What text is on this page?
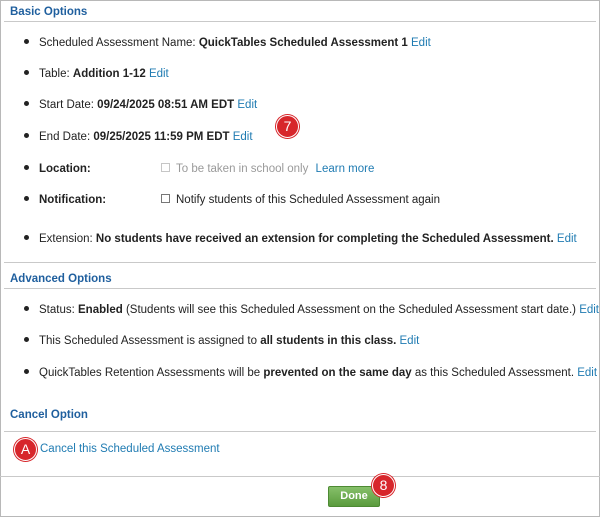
Basic Options
Scheduled Assessment Name: QuickTables Scheduled Assessment 1 Edit
Table: Addition 1-12 Edit
Start Date: 09/24/2025 08:51 AM EDT Edit
End Date: 09/25/2025 11:59 PM EDT Edit
7
Location:	To be taken in school only Learn more
Notification:	Notify students of this Scheduled Assessment again
Extension: No students have received an extension for completing the Scheduled Assessment. Edit
Advanced Options
Status: Enabled (Students will see this Scheduled Assessment on the Scheduled Assessment start date.) Edit
This Scheduled Assessment is assigned to all students in this class. Edit
QuickTables Retention Assessments will be prevented on the same day as this Scheduled Assessment. Edit
Cancel Option
A Cancel this Scheduled Assessment
Done
8
